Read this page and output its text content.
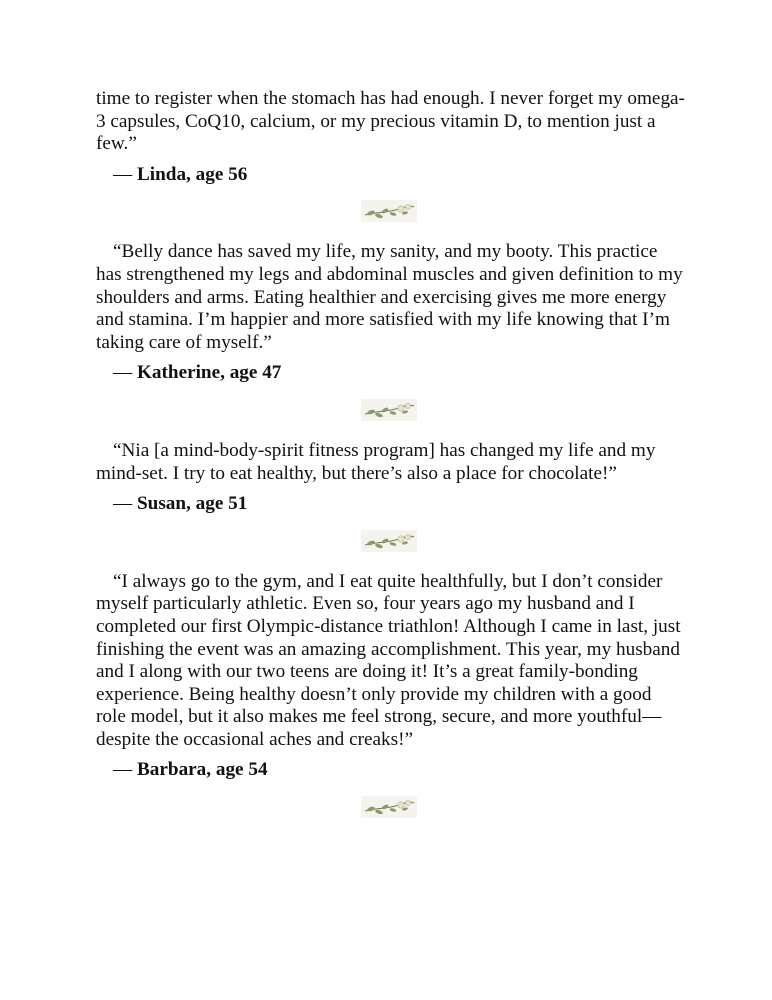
time to register when the stomach has had enough. I never forget my omega-3 capsules, CoQ10, calcium, or my precious vitamin D, to mention just a few.”

— Linda, age 56

“Belly dance has saved my life, my sanity, and my booty. This practice has strengthened my legs and abdominal muscles and given definition to my shoulders and arms. Eating healthier and exercising gives me more energy and stamina. I’m happier and more satisfied with my life knowing that I’m taking care of myself.”

— Katherine, age 47

“Nia [a mind-body-spirit fitness program] has changed my life and my mind-set. I try to eat healthy, but there’s also a place for chocolate!”

— Susan, age 51

“I always go to the gym, and I eat quite healthfully, but I don’t consider myself particularly athletic. Even so, four years ago my husband and I completed our first Olympic-distance triathlon! Although I came in last, just finishing the event was an amazing accomplishment. This year, my husband and I along with our two teens are doing it! It’s a great family-bonding experience. Being healthy doesn’t only provide my children with a good role model, but it also makes me feel strong, secure, and more youthful—despite the occasional aches and creaks!”

— Barbara, age 54
